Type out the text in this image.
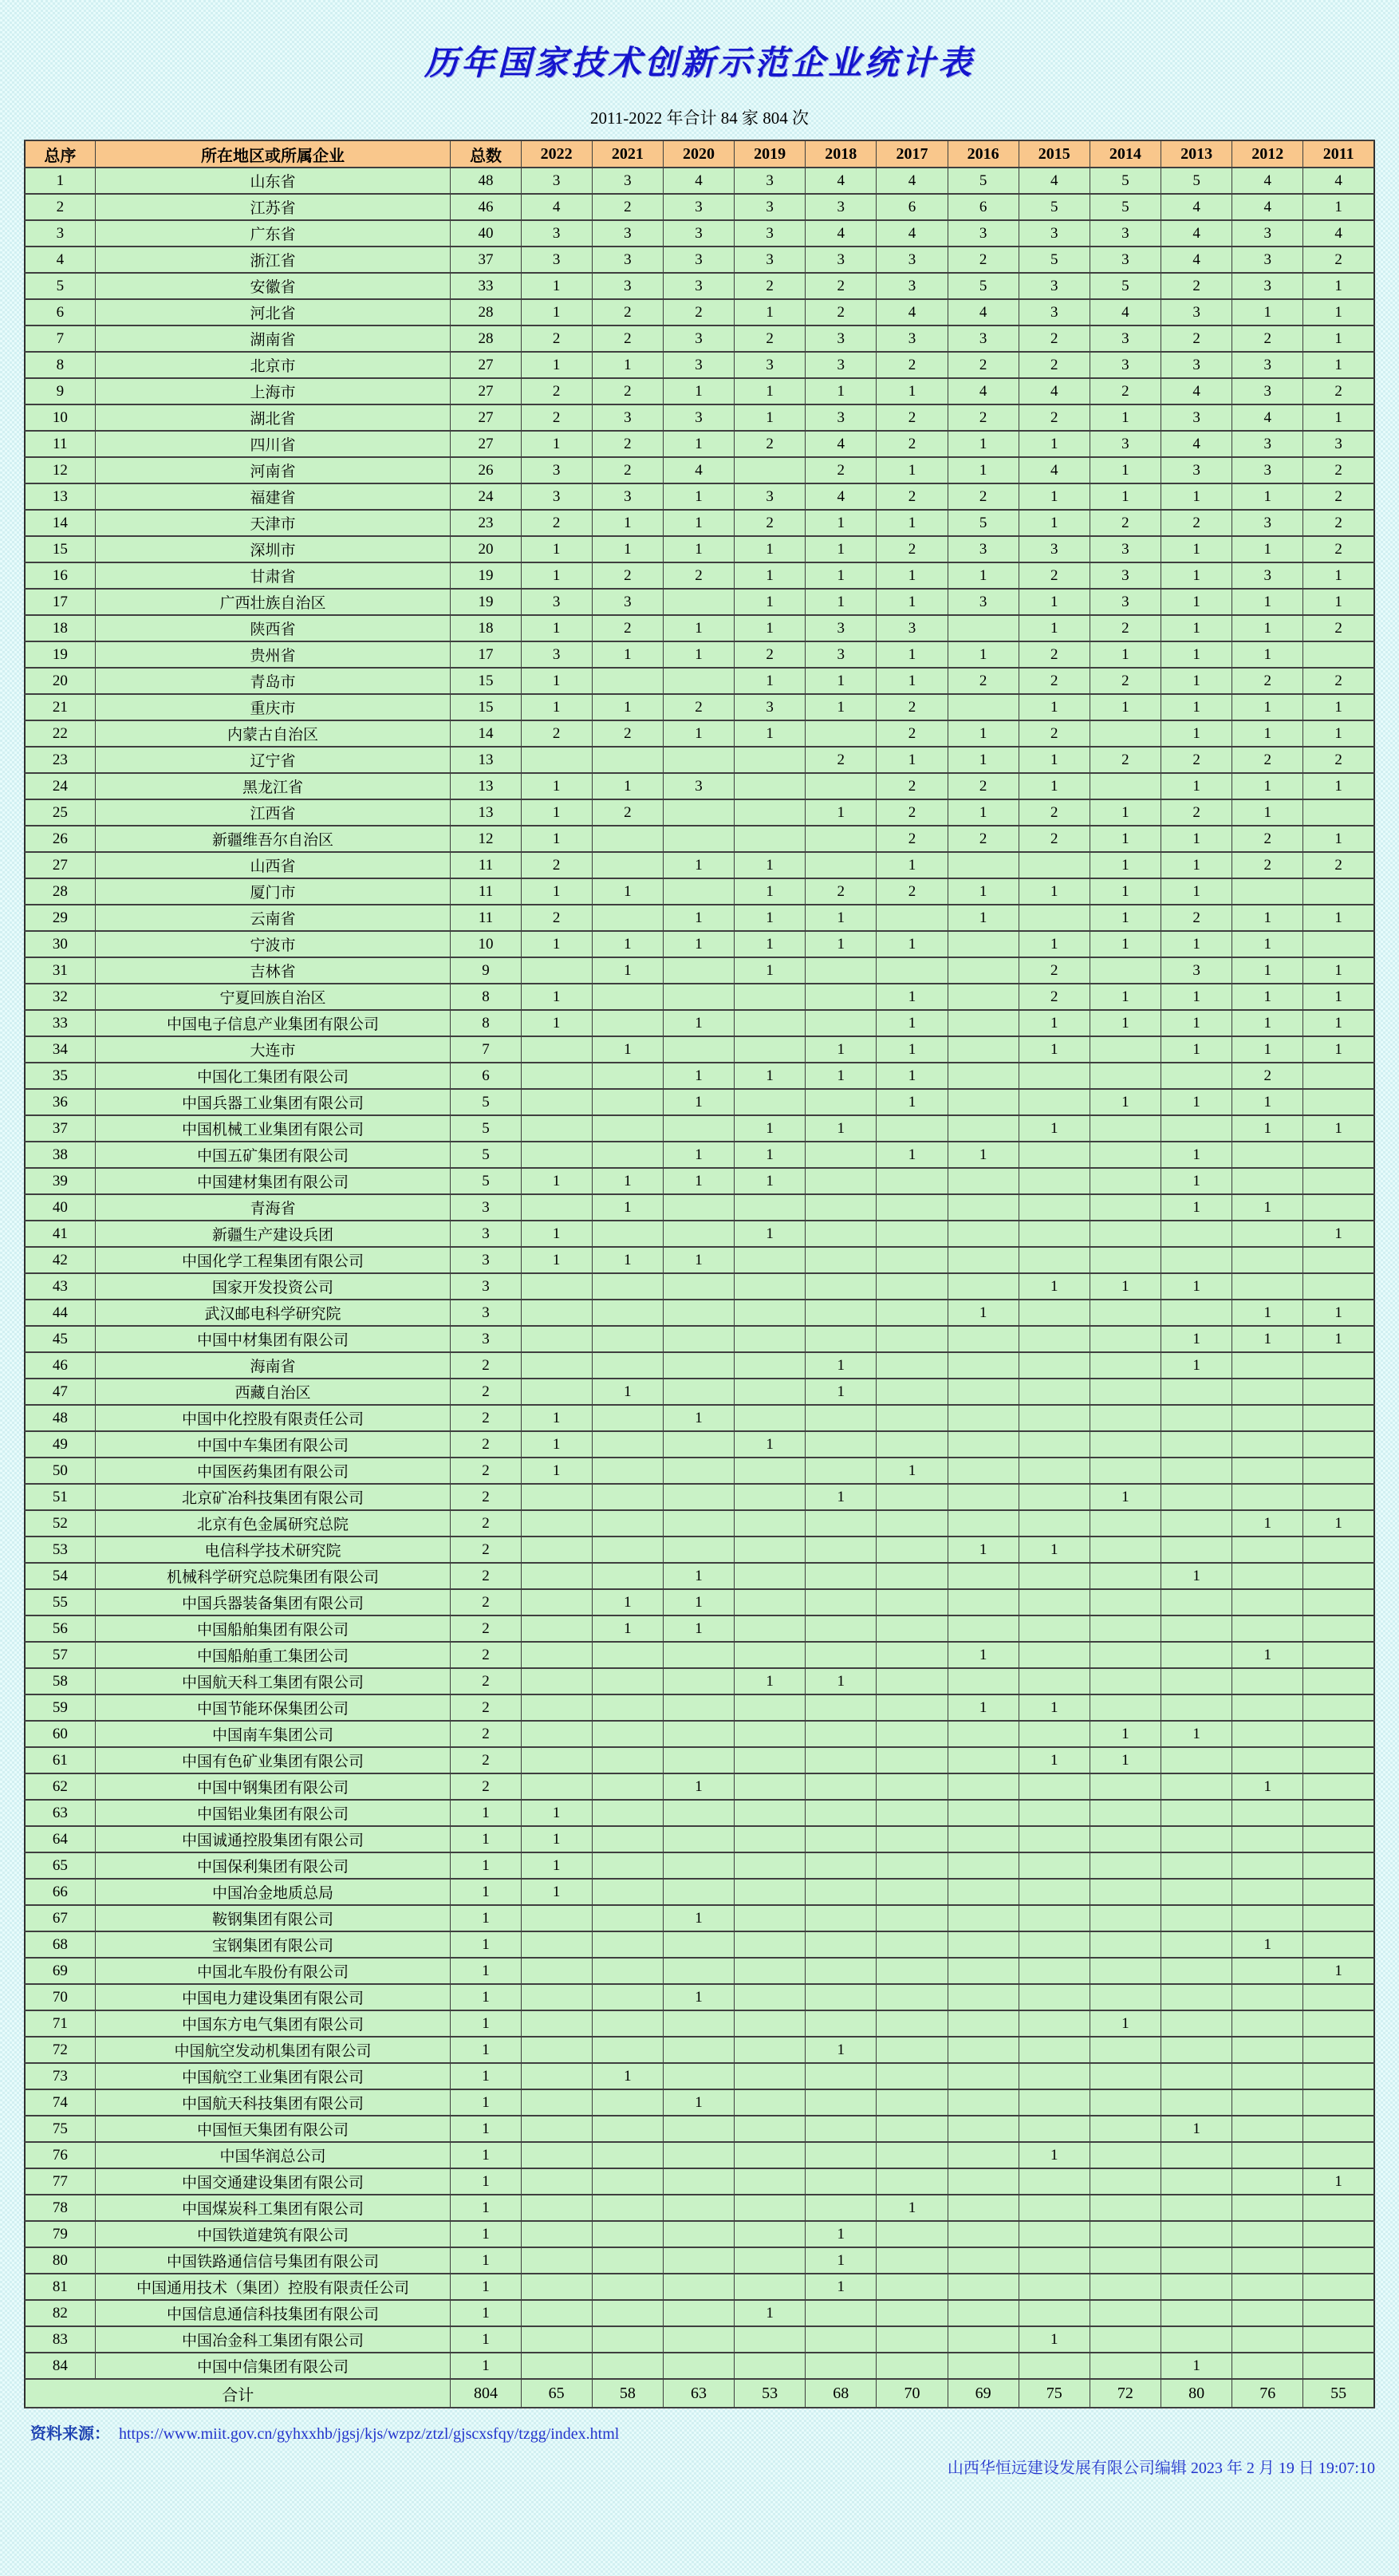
历年国家技术创新示范企业统计表
2011-2022 年合计 84 家 804 次
总序	所在地区或所属企业	总数	2022	2021	2020	2019	2018	2017	2016	2015	2014	2013	2012	2011
1	山东省	48	3	3	4	3	4	4	5	4	5	5	4	4
2	江苏省	46	4	2	3	3	3	6	6	5	5	4	4	1
3	广东省	40	3	3	3	3	4	4	3	3	3	4	3	4
4	浙江省	37	3	3	3	3	3	3	2	5	3	4	3	2
5	安徽省	33	1	3	3	2	2	3	5	3	5	2	3	1
6	河北省	28	1	2	2	1	2	4	4	3	4	3	1	1
7	湖南省	28	2	2	3	2	3	3	3	2	3	2	2	1
8	北京市	27	1	1	3	3	3	2	2	2	3	3	3	1
9	上海市	27	2	2	1	1	1	1	4	4	2	4	3	2
10	湖北省	27	2	3	3	1	3	2	2	2	1	3	4	1
11	四川省	27	1	2	1	2	4	2	1	1	3	4	3	3
12	河南省	26	3	2	4		2	1	1	4	1	3	3	2
13	福建省	24	3	3	1	3	4	2	2	1	1	1	1	2
14	天津市	23	2	1	1	2	1	1	5	1	2	2	3	2
15	深圳市	20	1	1	1	1	1	2	3	3	3	1	1	2
16	甘肃省	19	1	2	2	1	1	1	1	2	3	1	3	1
17	广西壮族自治区	19	3	3		1	1	1	3	1	3	1	1	1
18	陕西省	18	1	2	1	1	3	3		1	2	1	1	2
19	贵州省	17	3	1	1	2	3	1	1	2	1	1	1	
20	青岛市	15	1			1	1	1	2	2	2	1	2	2
21	重庆市	15	1	1	2	3	1	2		1	1	1	1	1
22	内蒙古自治区	14	2	2	1	1		2	1	2		1	1	1
23	辽宁省	13					2	1	1	1	2	2	2	2
24	黑龙江省	13	1	1	3			2	2	1		1	1	1
25	江西省	13	1	2			1	2	1	2	1	2	1	
26	新疆维吾尔自治区	12	1					2	2	2	1	1	2	1
27	山西省	11	2		1	1		1			1	1	2	2
28	厦门市	11	1	1		1	2	2	1	1	1	1		
29	云南省	11	2		1	1	1		1		1	2	1	1
30	宁波市	10	1	1	1	1	1	1		1	1	1	1	
31	吉林省	9		1		1				2		3	1	1
32	宁夏回族自治区	8	1					1		2	1	1	1	1
33	中国电子信息产业集团有限公司	8	1		1			1		1	1	1	1	1
34	大连市	7		1			1	1		1		1	1	1
35	中国化工集团有限公司	6			1	1	1	1					2	
36	中国兵器工业集团有限公司	5			1			1			1	1	1	
37	中国机械工业集团有限公司	5				1	1			1			1	1
38	中国五矿集团有限公司	5			1	1		1	1			1		
39	中国建材集团有限公司	5	1	1	1	1						1		
40	青海省	3		1								1	1	
41	新疆生产建设兵团	3	1			1								1
42	中国化学工程集团有限公司	3	1	1	1									
43	国家开发投资公司	3								1	1	1		
44	武汉邮电科学研究院	3							1				1	1
45	中国中材集团有限公司	3										1	1	1
46	海南省	2					1					1		
47	西藏自治区	2		1			1							
48	中国中化控股有限责任公司	2	1		1									
49	中国中车集团有限公司	2	1			1								
50	中国医药集团有限公司	2	1					1						
51	北京矿冶科技集团有限公司	2					1				1			
52	北京有色金属研究总院	2											1	1
53	电信科学技术研究院	2							1	1				
54	机械科学研究总院集团有限公司	2			1							1		
55	中国兵器装备集团有限公司	2		1	1									
56	中国船舶集团有限公司	2		1	1									
57	中国船舶重工集团公司	2							1				1	
58	中国航天科工集团有限公司	2				1	1							
59	中国节能环保集团公司	2							1	1				
60	中国南车集团公司	2									1	1		
61	中国有色矿业集团有限公司	2								1	1			
62	中国中钢集团有限公司	2			1								1	
63	中国铝业集团有限公司	1	1											
64	中国诚通控股集团有限公司	1	1											
65	中国保利集团有限公司	1	1											
66	中国冶金地质总局	1	1											
67	鞍钢集团有限公司	1			1									
68	宝钢集团有限公司	1											1	
69	中国北车股份有限公司	1												1
70	中国电力建设集团有限公司	1			1									
71	中国东方电气集团有限公司	1									1			
72	中国航空发动机集团有限公司	1					1							
73	中国航空工业集团有限公司	1		1										
74	中国航天科技集团有限公司	1			1									
75	中国恒天集团有限公司	1										1		
76	中国华润总公司	1								1				
77	中国交通建设集团有限公司	1												1
78	中国煤炭科工集团有限公司	1						1						
79	中国铁道建筑有限公司	1					1							
80	中国铁路通信信号集团有限公司	1					1							
81	中国通用技术（集团）控股有限责任公司	1					1							
82	中国信息通信科技集团有限公司	1				1								
83	中国冶金科工集团有限公司	1								1				
84	中国中信集团有限公司	1										1		
合计		804	65	58	63	53	68	70	69	75	72	80	76	55
资料来源： https://www.miit.gov.cn/gyhxxhb/jgsj/kjs/wzpz/ztzl/gjscxsfqy/tzgg/index.html
山西华恒远建设发展有限公司编辑 2023 年 2 月 19 日 19:07:10
